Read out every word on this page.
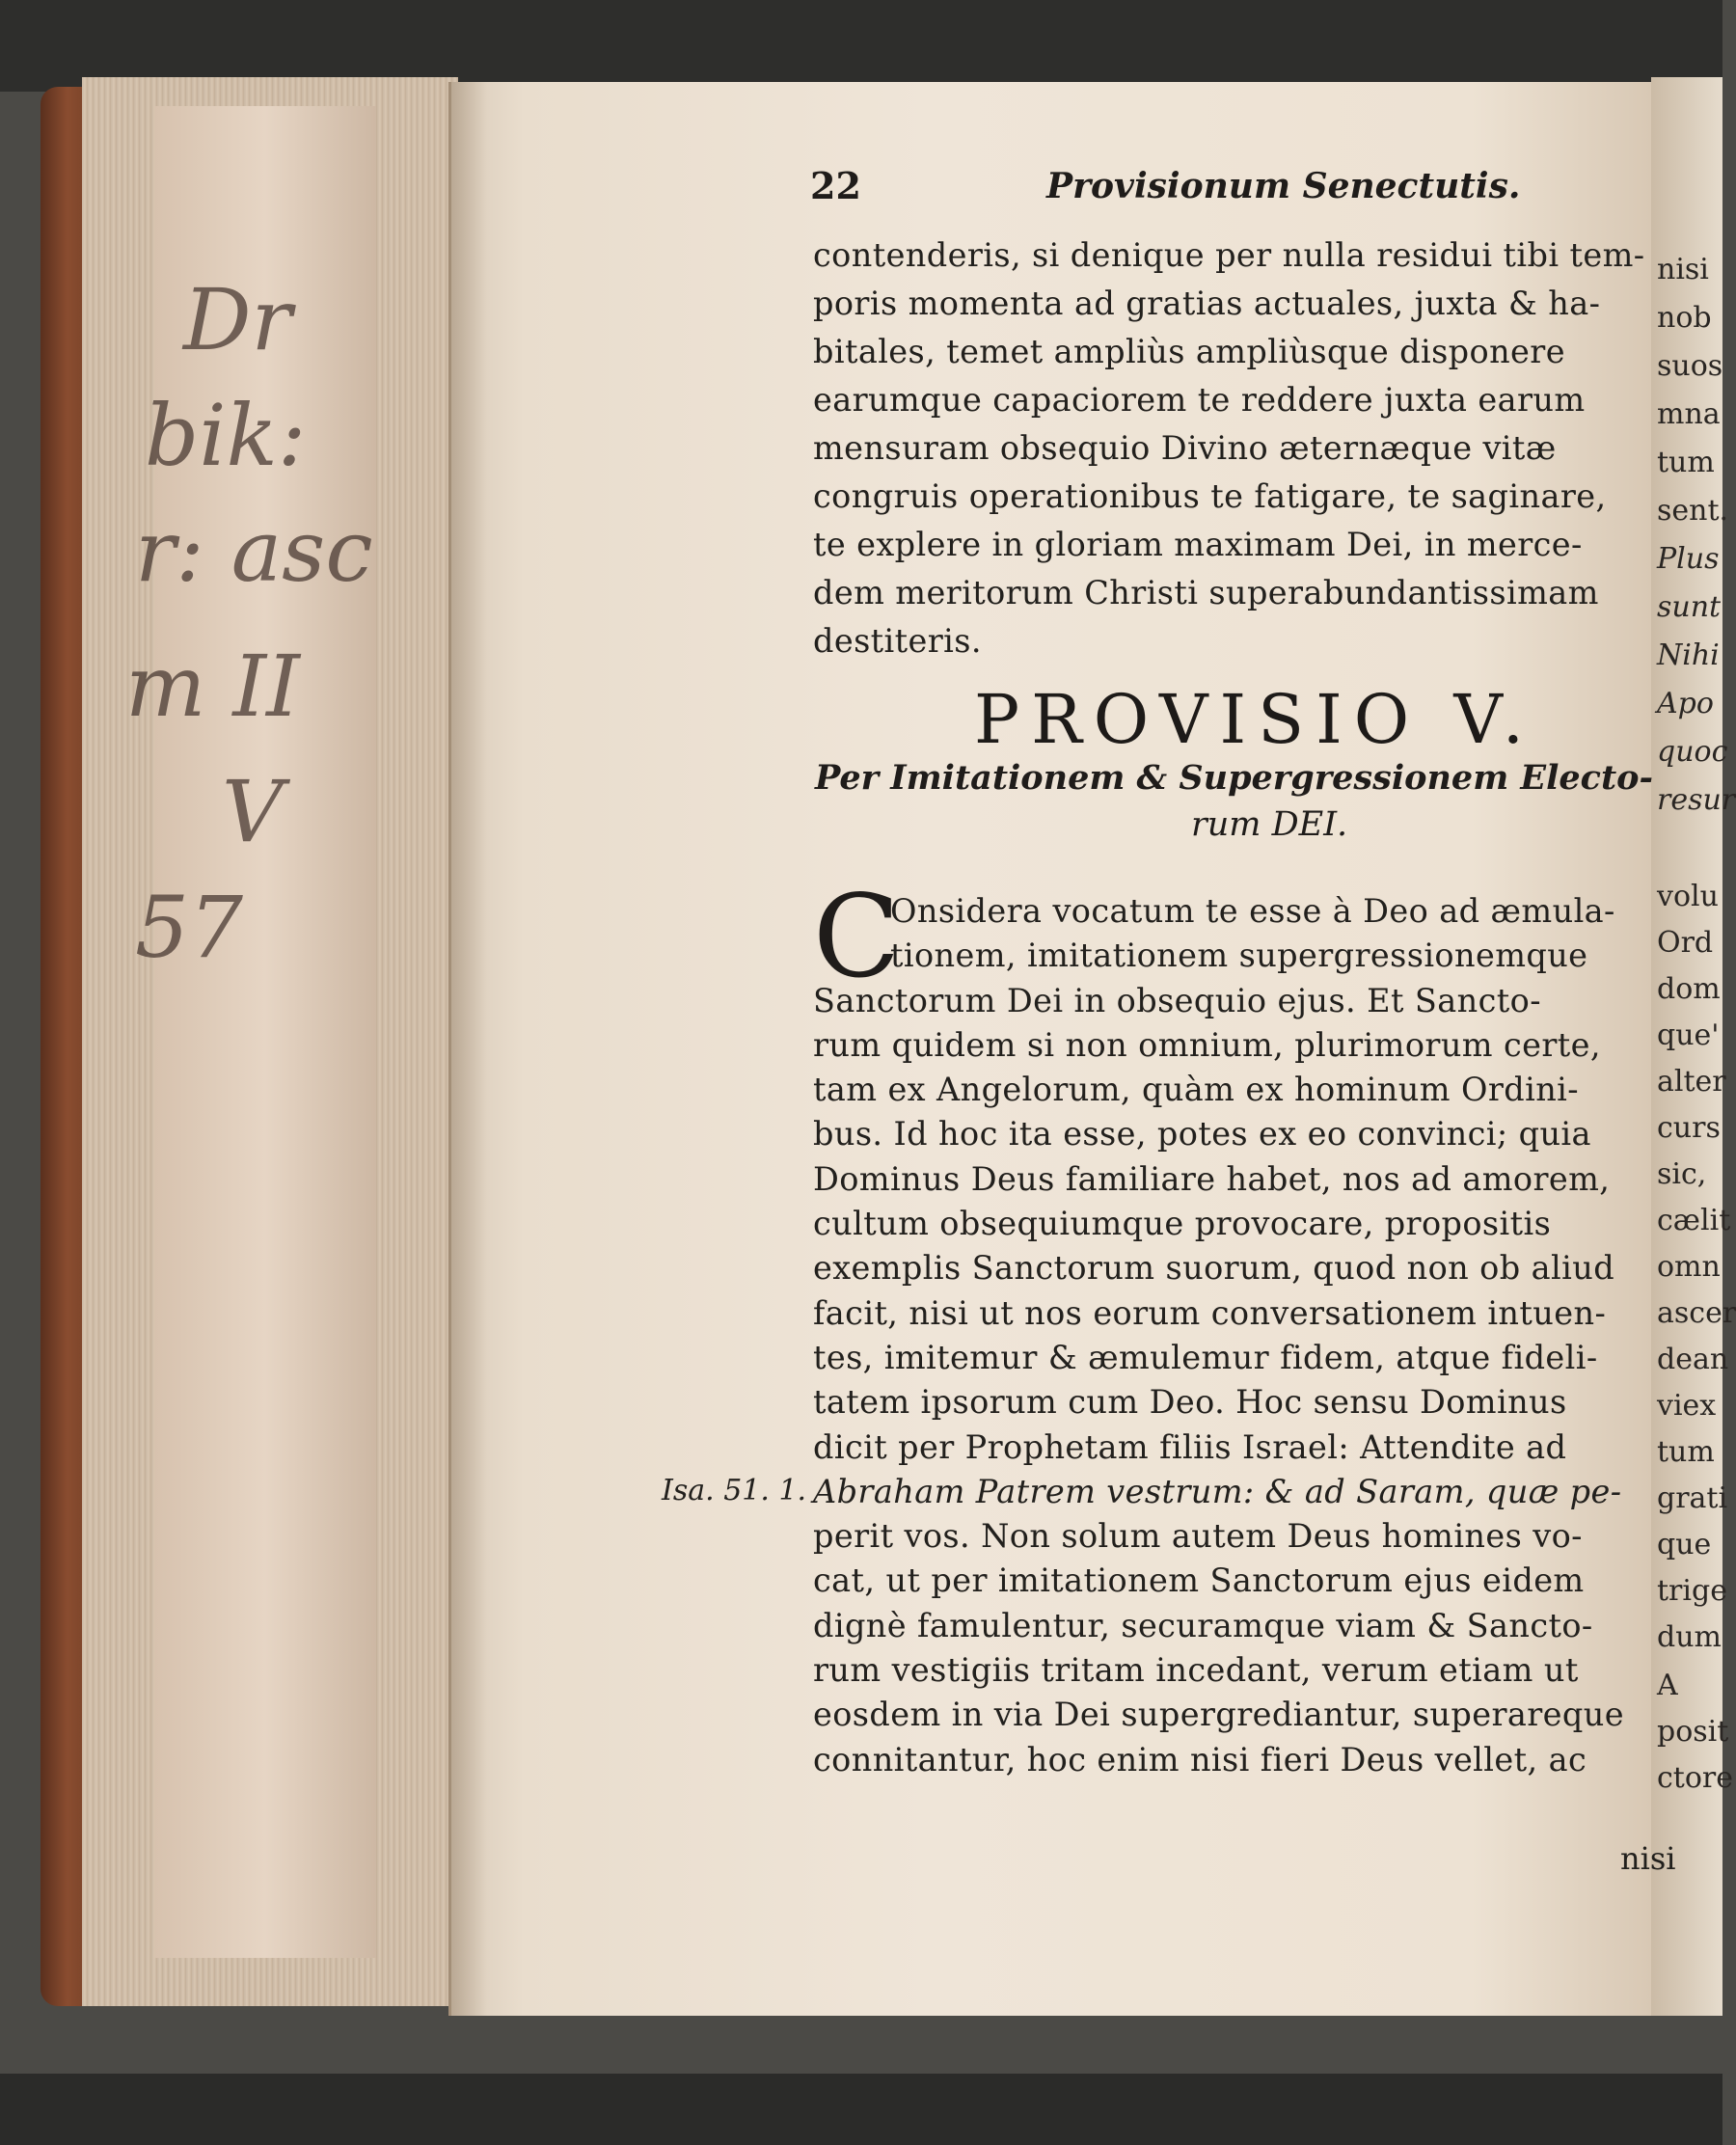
Dr
bik:
r: asc
m II
V
57
22	Provisionum Senectutis.
contenderis, si denique per nulla residui tibi tem-
poris momenta ad gratias actuales, juxta & ha-
bitales, temet ampliùs ampliùsque disponere
earumque capaciorem te reddere juxta earum
mensuram obsequio Divino æternæque vitæ
congruis operationibus te fatigare, te saginare,
te explere in gloriam maximam Dei, in merce-
dem meritorum Christi superabundantissimam
destiteris.
PROVISIO V.
Per Imitationem & Supergressionem Electo-
rum DEI.
C
Onsidera vocatum te esse à Deo ad æmula-
tionem, imitationem supergressionemque
Sanctorum Dei in obsequio ejus. Et Sancto-
rum quidem si non omnium, plurimorum certe,
tam ex Angelorum, quàm ex hominum Ordini-
bus. Id hoc ita esse, potes ex eo convinci; quia
Dominus Deus familiare habet, nos ad amorem,
cultum obsequiumque provocare, propositis
exemplis Sanctorum suorum, quod non ob aliud
facit, nisi ut nos eorum conversationem intuen-
tes, imitemur & æmulemur fidem, atque fideli-
tatem ipsorum cum Deo. Hoc sensu Dominus
dicit per Prophetam filiis Israel: Attendite ad
Abraham Patrem vestrum: & ad Saram, quæ pe-
perit vos. Non solum autem Deus homines vo-
cat, ut per imitationem Sanctorum ejus eidem
dignè famulentur, securamque viam & Sancto-
rum vestigiis tritam incedant, verum etiam ut
eosdem in via Dei supergrediantur, superareque
connitantur, hoc enim nisi fieri Deus vellet, ac
Isa. 51. 1.
nisi
nisi
nob
suos
mna
tum
sent.
Plus
sunt
Nihi
Apo
quoc
resur
volu
Ord
dom
que'
alter
curs
sic,
cælit
omn
ascer
dean
viex
tum
grati
que
trige
dum
A
posit
ctore
